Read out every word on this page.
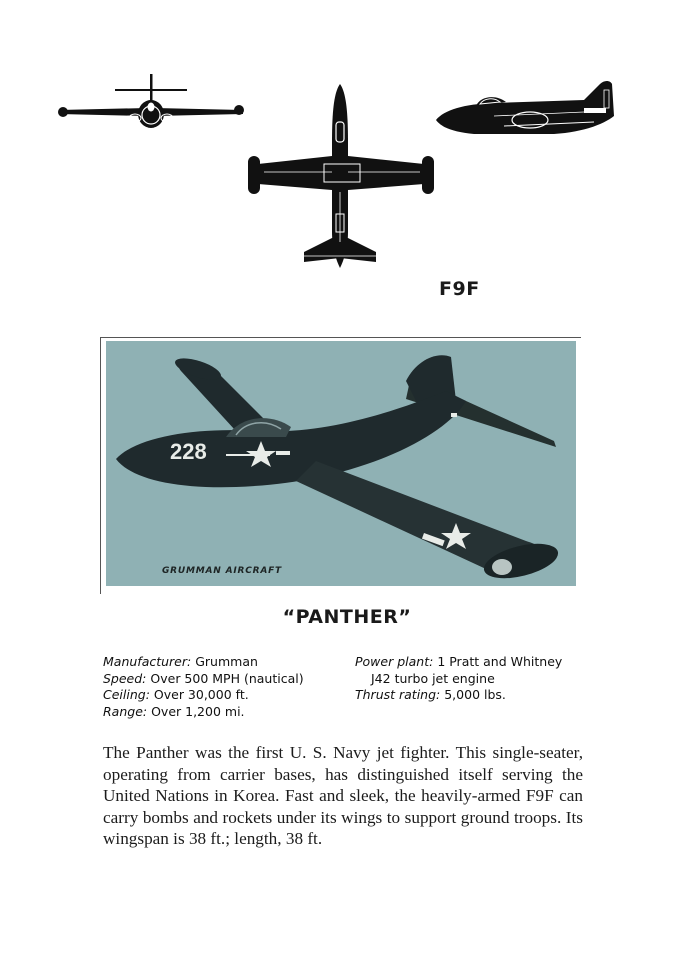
F9F
228
GRUMMAN AIRCRAFT
“PANTHER”
Manufacturer: Grumman
Speed: Over 500 MPH (nautical)
Ceiling: Over 30,000 ft.
Range: Over 1,200 mi.
Power plant: 1 Pratt and Whitney
J42 turbo jet engine
Thrust rating: 5,000 lbs.
The Panther was the first U. S. Navy jet fighter. This single-seater, operating from carrier bases, has distinguished itself serving the United Nations in Korea. Fast and sleek, the heavily-armed F9F can carry bombs and rockets under its wings to support ground troops. Its wingspan is 38 ft.; length, 38 ft.
